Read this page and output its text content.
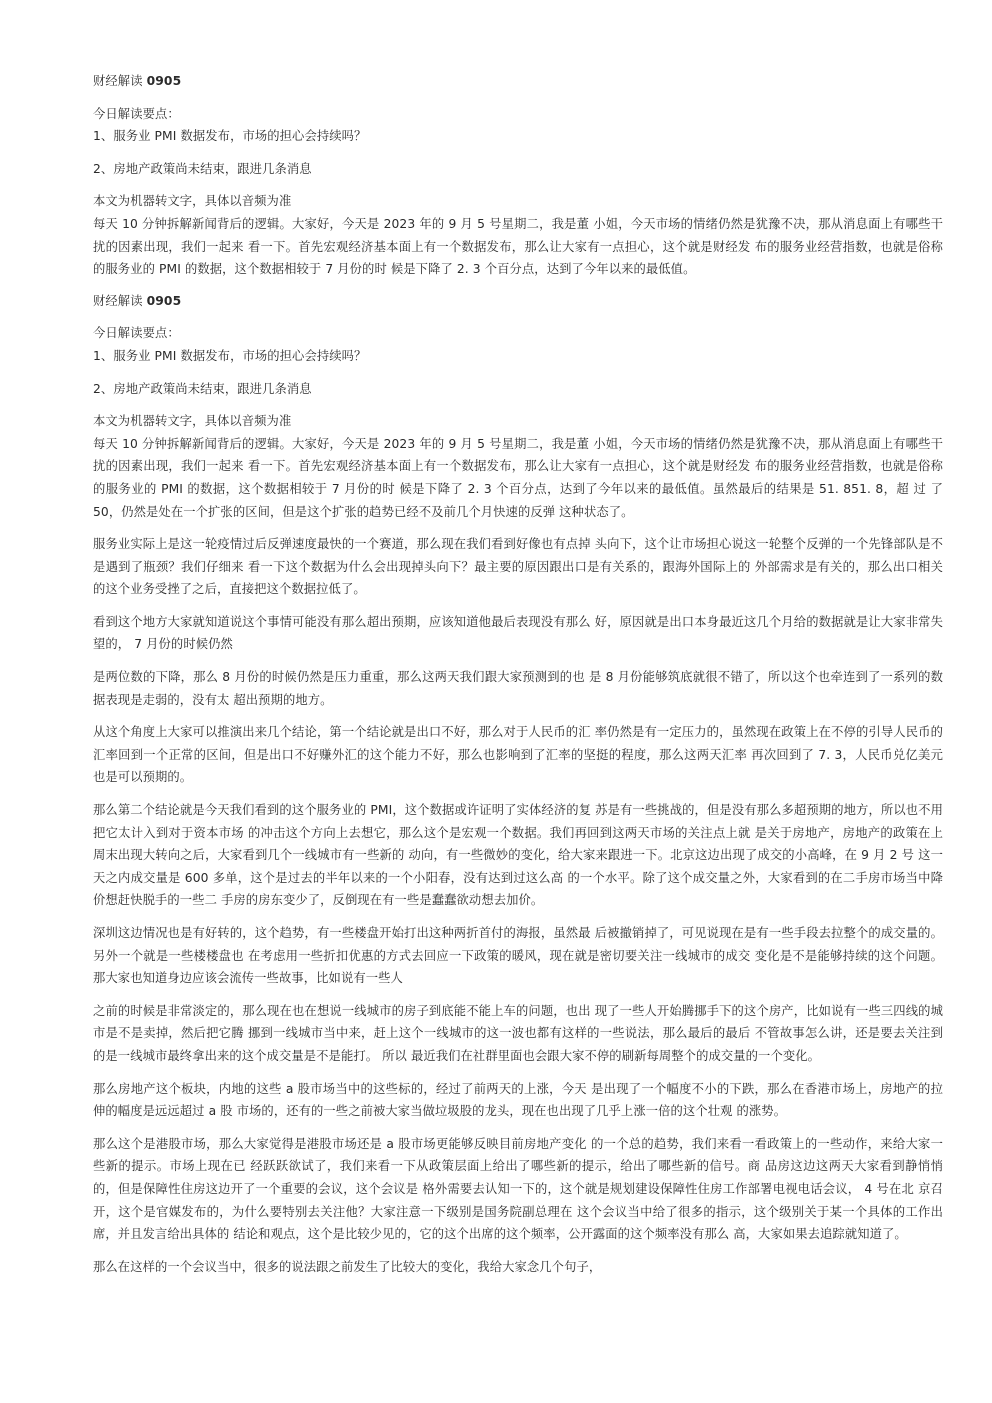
财经解读 0905

今日解读要点：

1、服务业 PMI 数据发布，市场的担心会持续吗？

2、房地产政策尚未结束，跟进几条消息

本文为机器转文字，具体以音频为准

每天 10 分钟拆解新闻背后的逻辑。大家好，今天是 2023 年的 9 月 5 号星期二，我是董 小姐，今天市场的情绪仍然是犹豫不决，那从消息面上有哪些干扰的因素出现，我们一起来 看一下。首先宏观经济基本面上有一个数据发布，那么让大家有一点担心，这个就是财经发 布的服务业经营指数，也就是俗称的服务业的 PMI 的数据，这个数据相较于 7 月份的时 候是下降了 2. 3 个百分点，达到了今年以来的最低值。

财经解读 0905

今日解读要点：

1、服务业 PMI 数据发布，市场的担心会持续吗？

2、房地产政策尚未结束，跟进几条消息

本文为机器转文字，具体以音频为准

每天 10 分钟拆解新闻背后的逻辑。大家好，今天是 2023 年的 9 月 5 号星期二，我是董 小姐，今天市场的情绪仍然是犹豫不决，那从消息面上有哪些干扰的因素出现，我们一起来 看一下。首先宏观经济基本面上有一个数据发布，那么让大家有一点担心，这个就是财经发 布的服务业经营指数，也就是俗称的服务业的 PMI 的数据，这个数据相较于 7 月份的时 候是下降了 2. 3 个百分点，达到了今年以来的最低值。虽然最后的结果是 51. 851. 8，超 过 了 50，仍然是处在一个扩张的区间，但是这个扩张的趋势已经不及前几个月快速的反弹 这种状态了。

服务业实际上是这一轮疫情过后反弹速度最快的一个赛道，那么现在我们看到好像也有点掉 头向下，这个让市场担心说这一轮整个反弹的一个先锋部队是不是遇到了瓶颈？我们仔细来 看一下这个数据为什么会出现掉头向下？最主要的原因跟出口是有关系的，跟海外国际上的 外部需求是有关的，那么出口相关的这个业务受挫了之后，直接把这个数据拉低了。

看到这个地方大家就知道说这个事情可能没有那么超出预期，应该知道他最后表现没有那么 好，原因就是出口本身最近这几个月给的数据就是让大家非常失望的， 7 月份的时候仍然

是两位数的下降，那么 8 月份的时候仍然是压力重重，那么这两天我们跟大家预测到的也 是 8 月份能够筑底就很不错了，所以这个也牵连到了一系列的数据表现是走弱的，没有太 超出预期的地方。

从这个角度上大家可以推演出来几个结论，第一个结论就是出口不好，那么对于人民币的汇 率仍然是有一定压力的，虽然现在政策上在不停的引导人民币的汇率回到一个正常的区间，但是出口不好赚外汇的这个能力不好，那么也影响到了汇率的坚挺的程度，那么这两天汇率 再次回到了 7. 3，人民币兑亿美元也是可以预期的。

那么第二个结论就是今天我们看到的这个服务业的 PMI，这个数据或许证明了实体经济的复 苏是有一些挑战的，但是没有那么多超预期的地方，所以也不用把它太计入到对于资本市场 的冲击这个方向上去想它，那么这个是宏观一个数据。我们再回到这两天市场的关注点上就 是关于房地产，房地产的政策在上周末出现大转向之后，大家看到几个一线城市有一些新的 动向，有一些微妙的变化，给大家来跟进一下。北京这边出现了成交的小高峰，在 9 月 2 号 这一天之内成交量是 600 多单，这个是过去的半年以来的一个小阳春，没有达到过这么高 的一个水平。除了这个成交量之外，大家看到的在二手房市场当中降价想赶快脱手的一些二 手房的房东变少了，反倒现在有一些是蠢蠢欲动想去加价。

深圳这边情况也是有好转的，这个趋势，有一些楼盘开始打出这种两折首付的海报，虽然最 后被撤销掉了，可见说现在是有一些手段去拉整个的成交量的。另外一个就是一些楼楼盘也 在考虑用一些折扣优惠的方式去回应一下政策的暖风，现在就是密切要关注一线城市的成交 变化是不是能够持续的这个问题。那大家也知道身边应该会流传一些故事，比如说有一些人

之前的时候是非常淡定的，那么现在也在想说一线城市的房子到底能不能上车的问题，也出 现了一些人开始腾挪手下的这个房产，比如说有一些三四线的城市是不是卖掉，然后把它腾 挪到一线城市当中来，赶上这个一线城市的这一波也都有这样的一些说法，那么最后的最后 不管故事怎么讲，还是要去关注到的是一线城市最终拿出来的这个成交量是不是能打。 所以 最近我们在社群里面也会跟大家不停的刷新每周整个的成交量的一个变化。

那么房地产这个板块，内地的这些 a 股市场当中的这些标的，经过了前两天的上涨，今天 是出现了一个幅度不小的下跌，那么在香港市场上，房地产的拉伸的幅度是远远超过 a 股 市场的，还有的一些之前被大家当做垃圾股的龙头，现在也出现了几乎上涨一倍的这个壮观 的涨势。

那么这个是港股市场，那么大家觉得是港股市场还是 a 股市场更能够反映目前房地产变化 的一个总的趋势，我们来看一看政策上的一些动作，来给大家一些新的提示。市场上现在已 经跃跃欲试了，我们来看一下从政策层面上给出了哪些新的提示，给出了哪些新的信号。商 品房这边这两天大家看到静悄悄的，但是保障性住房这边开了一个重要的会议，这个会议是 格外需要去认知一下的，这个就是规划建设保障性住房工作部署电视电话会议， 4 号在北 京召开，这个是官媒发布的，为什么要特别去关注他？大家注意一下级别是国务院副总理在 这个会议当中给了很多的指示，这个级别关于某一个具体的工作出席，并且发言给出具体的 结论和观点，这个是比较少见的，它的这个出席的这个频率，公开露面的这个频率没有那么 高，大家如果去追踪就知道了。

那么在这样的一个会议当中，很多的说法跟之前发生了比较大的变化，我给大家念几个句子，
